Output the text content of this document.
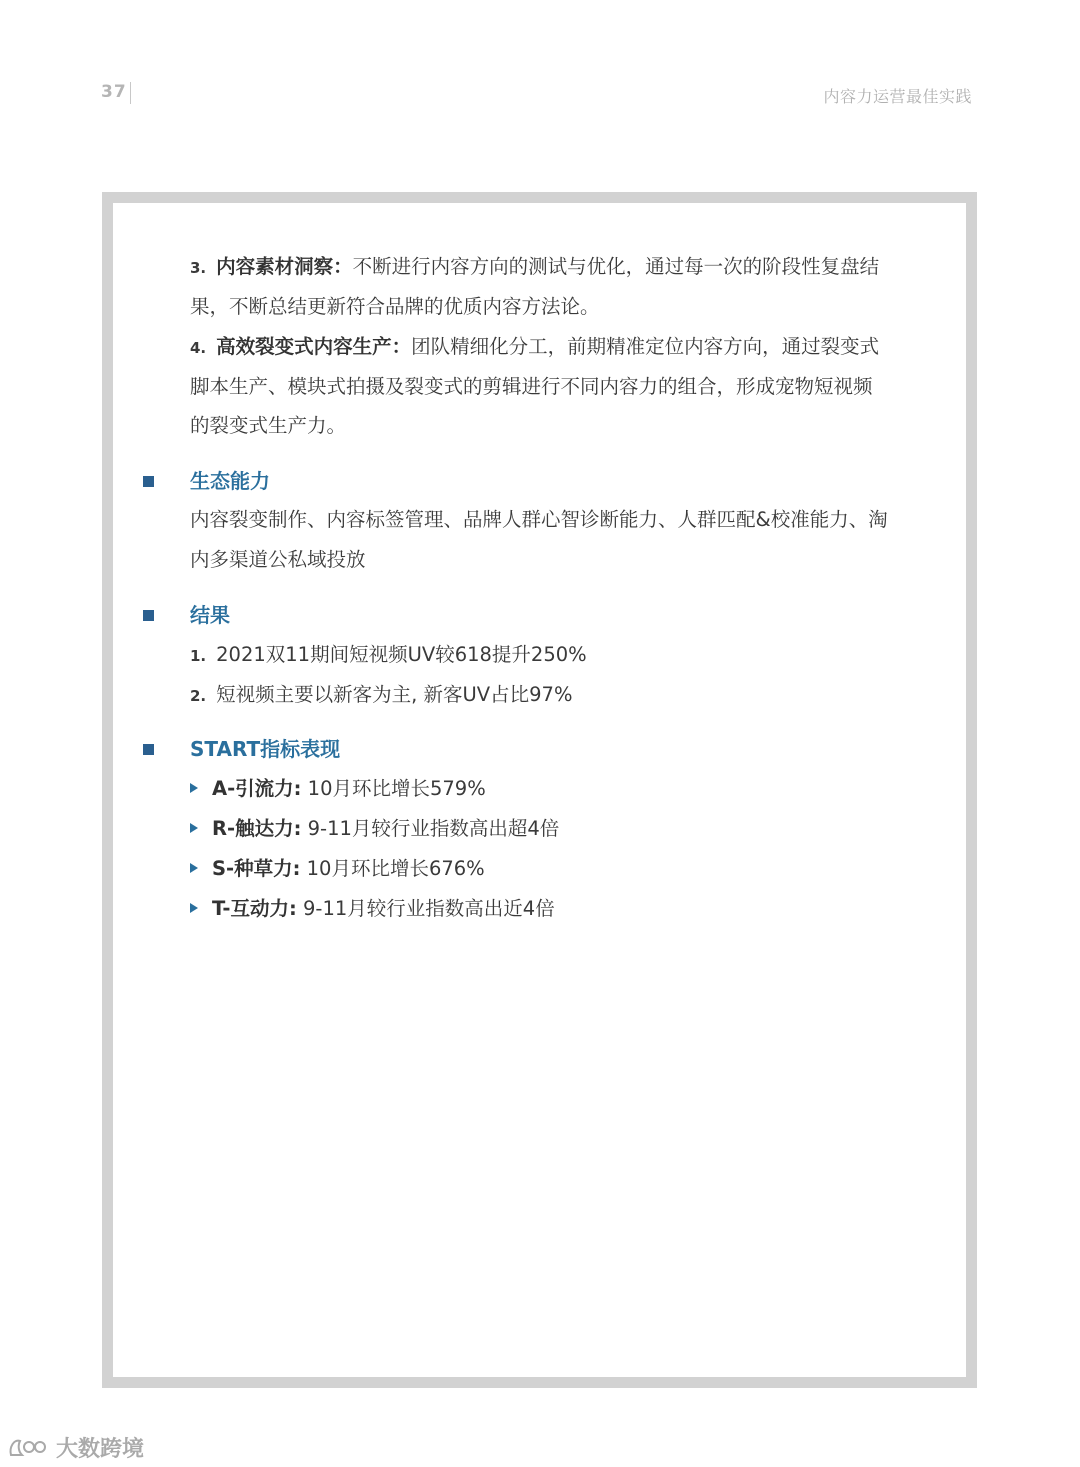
37	内容力运营最佳实践
3. 内容素材洞察：不断进行内容方向的测试与优化，通过每一次的阶段性复盘结
果，不断总结更新符合品牌的优质内容方法论。
4. 高效裂变式内容生产：团队精细化分工，前期精准定位内容方向，通过裂变式
脚本生产、模块式拍摄及裂变式的剪辑进行不同内容力的组合，形成宠物短视频
的裂变式生产力。
生态能力
内容裂变制作、内容标签管理、品牌人群心智诊断能力、人群匹配&校准能力、淘
内多渠道公私域投放
结果
1. 2021双11期间短视频UV较618提升250%
2. 短视频主要以新客为主, 新客UV占比97%
START指标表现
A-引流力: 10月环比增长579%
R-触达力: 9-11月较行业指数高出超4倍
S-种草力: 10月环比增长676%
T-互动力: 9-11月较行业指数高出近4倍
大数跨境
